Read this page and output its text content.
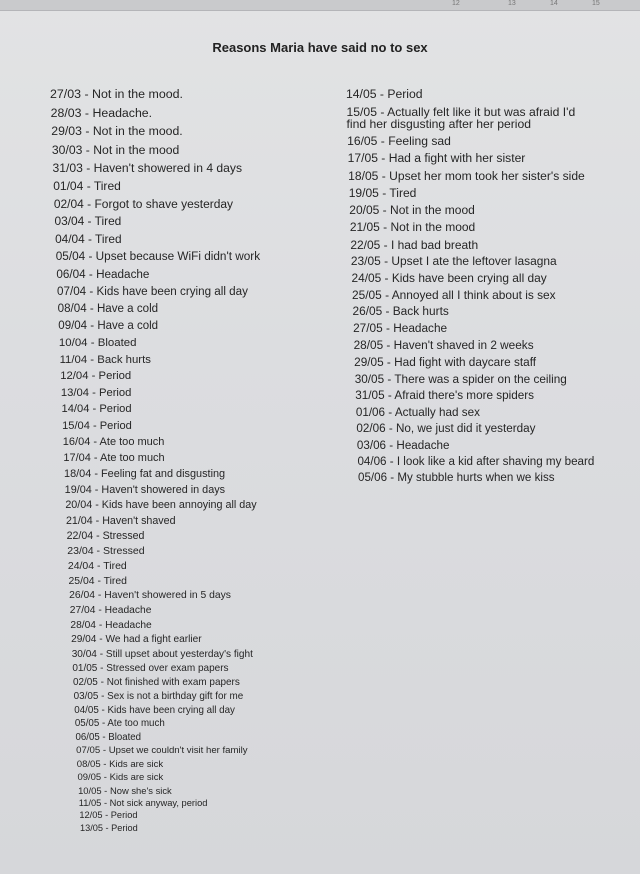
12	13	14	15
Reasons Maria have said no to sex
27/03 - Not in the mood.
28/03 - Headache.
29/03 - Not in the mood.
30/03 - Not in the mood
31/03 - Haven't showered in 4 days
01/04 - Tired
02/04 - Forgot to shave yesterday
03/04 - Tired
04/04 - Tired
05/04 - Upset because WiFi didn't work
06/04 - Headache
07/04 - Kids have been crying all day
08/04 - Have a cold
09/04 - Have a cold
10/04 - Bloated
11/04 - Back hurts
12/04 - Period
13/04 - Period
14/04 - Period
15/04 - Period
16/04 - Ate too much
17/04 - Ate too much
18/04 - Feeling fat and disgusting
19/04 - Haven't showered in days
20/04 - Kids have been annoying all day
21/04 - Haven't shaved
22/04 - Stressed
23/04 - Stressed
24/04 - Tired
25/04 - Tired
26/04 - Haven't showered in 5 days
27/04 - Headache
28/04 - Headache
29/04 - We had a fight earlier
30/04 - Still upset about yesterday's fight
01/05 - Stressed over exam papers
02/05 - Not finished with exam papers
03/05 - Sex is not a birthday gift for me
04/05 - Kids have been crying all day
05/05 - Ate too much
06/05 - Bloated
07/05 - Upset we couldn't visit her family
08/05 - Kids are sick
09/05 - Kids are sick
10/05 - Now she's sick
11/05 - Not sick anyway, period
12/05 - Period
13/05 - Period
14/05 - Period
15/05 - Actually felt like it but was afraid I'd find her disgusting after her period
16/05 - Feeling sad
17/05 - Had a fight with her sister
18/05 - Upset her mom took her sister's side
19/05 - Tired
20/05 - Not in the mood
21/05 - Not in the mood
22/05 - I had bad breath
23/05 - Upset I ate the leftover lasagna
24/05 - Kids have been crying all day
25/05 - Annoyed all I think about is sex
26/05 - Back hurts
27/05 - Headache
28/05 - Haven't shaved in 2 weeks
29/05 - Had fight with daycare staff
30/05 - There was a spider on the ceiling
31/05 - Afraid there's more spiders
01/06 - Actually had sex
02/06 - No, we just did it yesterday
03/06 - Headache
04/06 - I look like a kid after shaving my beard
05/06 - My stubble hurts when we kiss
